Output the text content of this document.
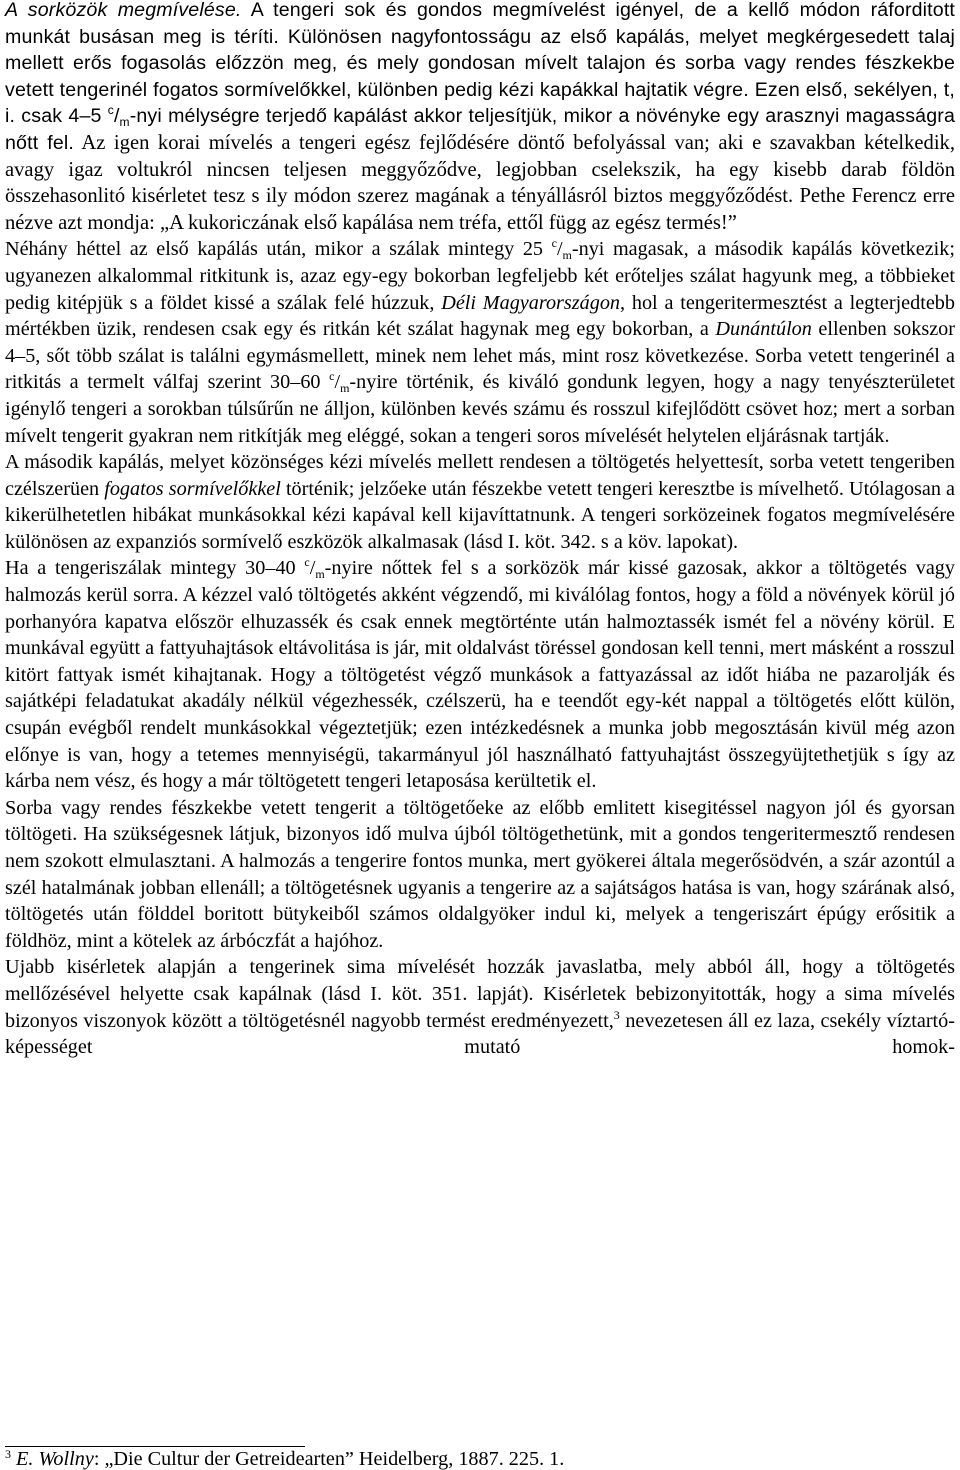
A sorközök megmívelése. A tengeri sok és gondos megmívelést igényel, de a kellő módon ráforditott munkát busásan meg is téríti. Különösen nagyfontosságu az első kapálás, melyet megkérgesedett talaj mellett erős fogasolás előzzön meg, és mely gondosan mívelt talajon és sorba vagy rendes fészkekbe vetett tengerinél fogatos sormívelőkkel, különben pedig kézi kapákkal hajtatik végre. Ezen első, sekélyen, t, i. csak 4–5 $^c/_m$-nyi mélységre terjedő kapálást akkor teljesítjük, mikor a növényke egy arasznyi magasságra nőtt fel. Az igen korai mívelés a tengeri egész fejlődésére döntő befolyással van; aki e szavakban kételkedik, avagy igaz voltukról nincsen teljesen meggyőződve, legjobban cselekszik, ha egy kisebb darab földön összehasonlitó kisérletet tesz s ily módon szerez magának a tényállásról biztos meggyőződést. Pethe Ferencz erre nézve azt mondja: „A kukoriczának első kapálása nem tréfa, ettől függ az egész termés!”

Néhány héttel az első kapálás után, mikor a szálak mintegy 25 $^c/_m$-nyi magasak, a második kapálás következik; ugyanezen alkalommal ritkitunk is, azaz egy-egy bokorban legfeljebb két erőteljes szálat hagyunk meg, a többieket pedig kitépjük s a földet kissé a szálak felé húzzuk, Déli Magyarországon, hol a tengeritermesztést a legterjedtebb mértékben üzik, rendesen csak egy és ritkán két szálat hagynak meg egy bokorban, a Dunántúlon ellenben sokszor 4–5, sőt több szálat is találni egymásmellett, minek nem lehet más, mint rosz következése. Sorba vetett tengerinél a ritkitás a termelt válfaj szerint 30–60 $^c/_m$-nyire történik, és kiváló gondunk legyen, hogy a nagy tenyészterületet igénylő tengeri a sorokban túlsűrűn ne álljon, különben kevés számu és rosszul kifejlődött csövet hoz; mert a sorban mívelt tengerit gyakran nem ritkítják meg eléggé, sokan a tengeri soros mívelését helytelen eljárásnak tartják.

A második kapálás, melyet közönséges kézi mívelés mellett rendesen a töltögetés helyettesít, sorba vetett tengeriben czélszerüen fogatos sormívelőkkel történik; jelzőeke után fészekbe vetett tengeri keresztbe is mívelhető. Utólagosan a kikerülhetetlen hibákat munkásokkal kézi kapával kell kijavíttatnunk. A tengeri sorközeinek fogatos megmívelésére különösen az expanziós sormívelő eszközök alkalmasak (lásd I. köt. 342. s a köv. lapokat).

Ha a tengeriszálak mintegy 30–40 $^c/_m$-nyire nőttek fel s a sorközök már kissé gazosak, akkor a töltögetés vagy halmozás kerül sorra. A kézzel való töltögetés akként végzendő, mi kiválólag fontos, hogy a föld a növények körül jó porhanyóra kapatva először elhuzassék és csak ennek megtörténte után halmoztassék ismét fel a növény körül. E munkával együtt a fattyuhajtások eltávolitása is jár, mit oldalvást töréssel gondosan kell tenni, mert másként a rosszul kitört fattyak ismét kihajtanak. Hogy a töltögetést végző munkások a fattyazással az időt hiába ne pazarolják és sajátképi feladatukat akadály nélkül végezhessék, czélszerü, ha e teendőt egy-két nappal a töltögetés előtt külön, csupán evégből rendelt munkásokkal végeztetjük; ezen intézkedésnek a munka jobb megosztásán kivül még azon előnye is van, hogy a tetemes mennyiségü, takarmányul jól használható fattyuhajtást összegyüjtethetjük s így az kárba nem vész, és hogy a már töltögetett tengeri letaposása kerültetik el.

Sorba vagy rendes fészkekbe vetett tengerit a töltögetőeke az előbb emlitett kisegitéssel nagyon jól és gyorsan töltögeti. Ha szükségesnek látjuk, bizonyos idő mulva újból töltögethetünk, mit a gondos tengeritermesztő rendesen nem szokott elmulasztani. A halmozás a tengerire fontos munka, mert gyökerei általa megerősödvén, a szár azontúl a szél hatalmának jobban ellenáll; a töltögetésnek ugyanis a tengerire az a sajátságos hatása is van, hogy szárának alsó, töltögetés után földdel boritott bütykeiből számos oldalgyöker indul ki, melyek a tengeriszárt épúgy erősitik a földhöz, mint a kötelek az árbóczfát a hajóhoz.

Ujabb kisérletek alapján a tengerinek sima mívelését hozzák javaslatba, mely abból áll, hogy a töltögetés mellőzésével helyette csak kapálnak (lásd I. köt. 351. lapját). Kisérletek bebizonyitották, hogy a sima mívelés bizonyos viszonyok között a töltögetésnél nagyobb termést eredményezett,$^3$ nevezetesen áll ez laza, csekély víztartó-képességet mutató homok-

$^3$ E. Wollny: „Die Cultur der Getreidearten” Heidelberg, 1887. 225. 1.
